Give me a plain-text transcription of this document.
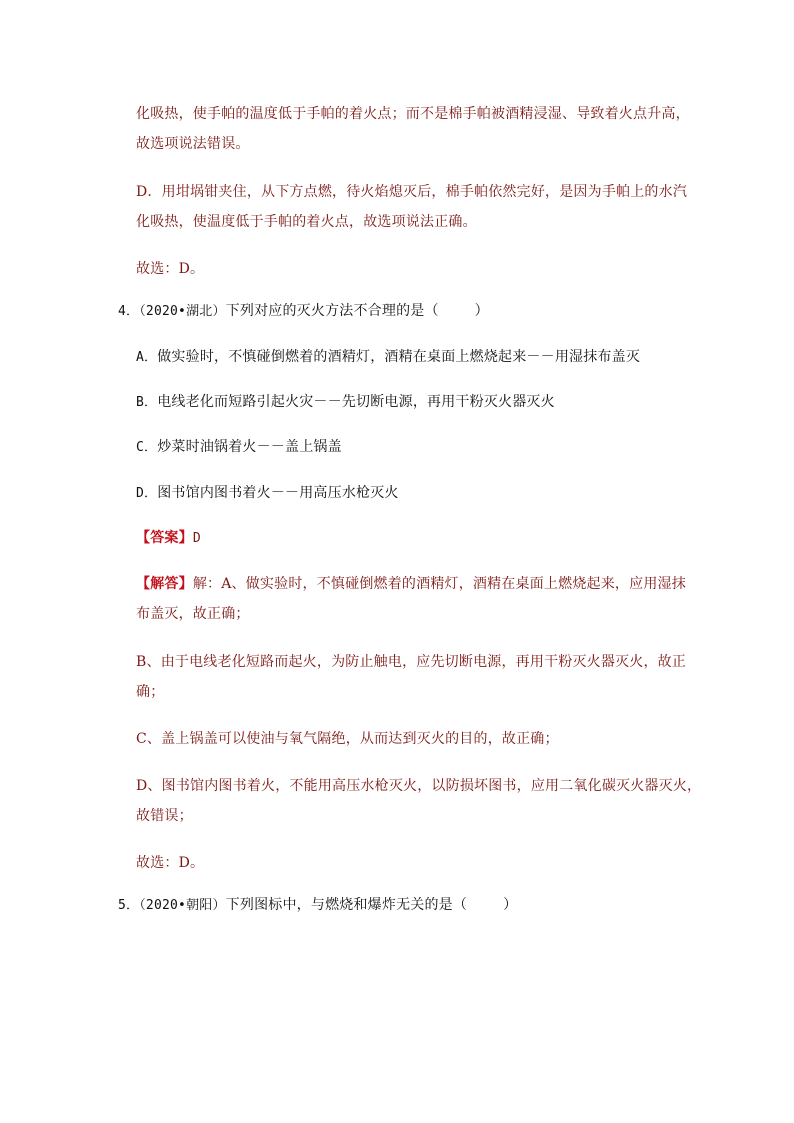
化吸热，使手帕的温度低于手帕的着火点；而不是棉手帕被酒精浸湿、导致着火点升高，
故选项说法错误。
D．用坩埚钳夹住，从下方点燃，待火焰熄灭后，棉手帕依然完好，是因为手帕上的水汽
化吸热，使温度低于手帕的着火点，故选项说法正确。
故选：D。
4．（2020•湖北）下列对应的灭火方法不合理的是（	）
A．做实验时，不慎碰倒燃着的酒精灯，酒精在桌面上燃烧起来－－用湿抹布盖灭
B．电线老化而短路引起火灾－－先切断电源，再用干粉灭火器灭火
C．炒菜时油锅着火－－盖上锅盖
D．图书馆内图书着火－－用高压水枪灭火
【答案】D
【解答】解：A、做实验时，不慎碰倒燃着的酒精灯，酒精在桌面上燃烧起来，应用湿抹
布盖灭，故正确；
B、由于电线老化短路而起火，为防止触电，应先切断电源，再用干粉灭火器灭火，故正
确；
C、盖上锅盖可以使油与氧气隔绝，从而达到灭火的目的，故正确；
D、图书馆内图书着火，不能用高压水枪灭火，以防损坏图书，应用二氧化碳灭火器灭火，
故错误；
故选：D。
5．（2020•朝阳）下列图标中，与燃烧和爆炸无关的是（	）
